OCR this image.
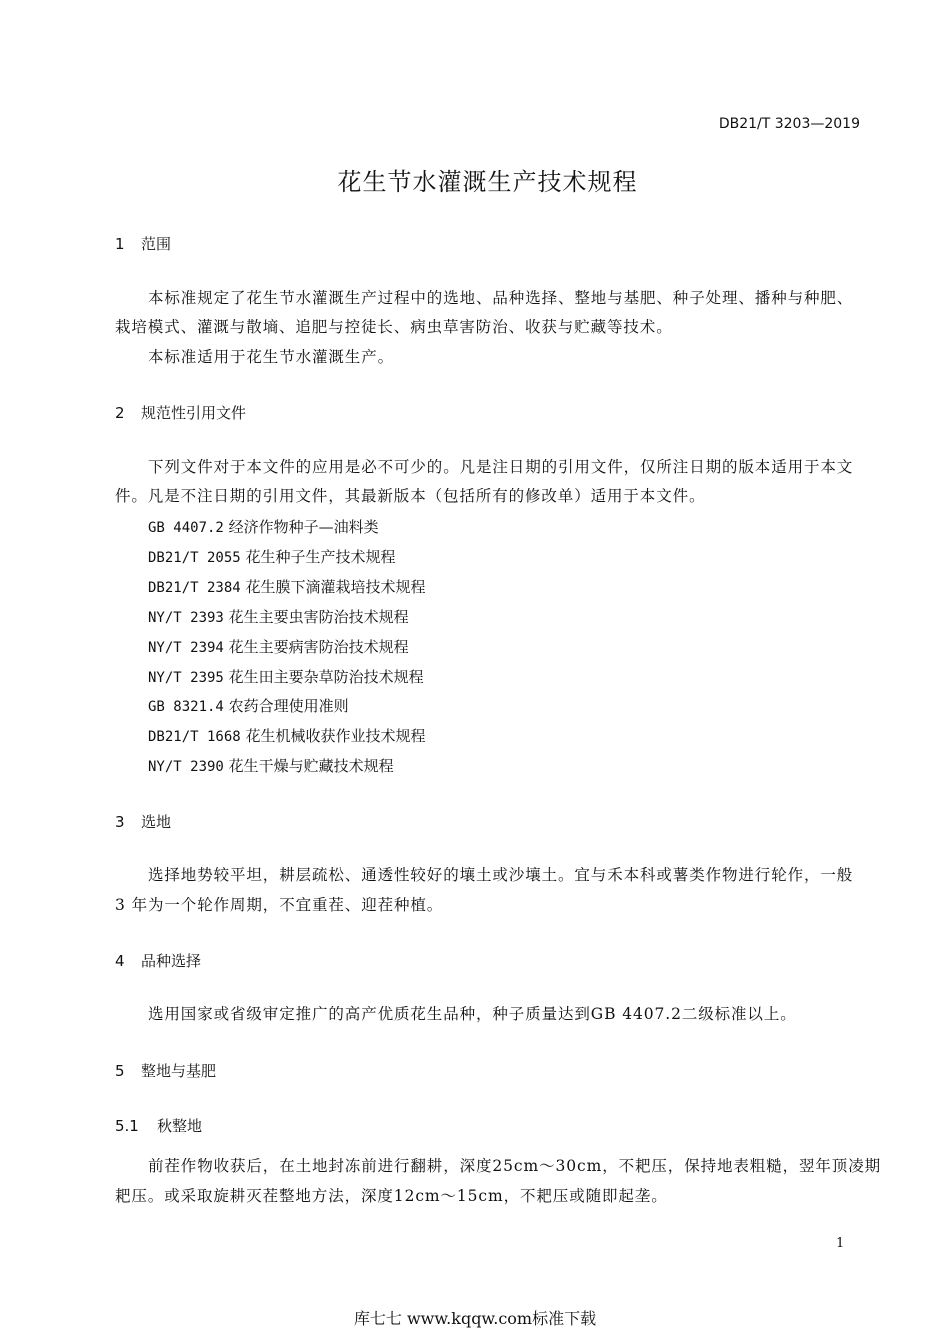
DB21/T 3203—2019
花生节水灌溉生产技术规程
1 范围
本标准规定了花生节水灌溉生产过程中的选地、品种选择、整地与基肥、种子处理、播种与种肥、
栽培模式、灌溉与散墒、追肥与控徒长、病虫草害防治、收获与贮藏等技术。
本标准适用于花生节水灌溉生产。
2 规范性引用文件
下列文件对于本文件的应用是必不可少的。凡是注日期的引用文件，仅所注日期的版本适用于本文
件。凡是不注日期的引用文件，其最新版本（包括所有的修改单）适用于本文件。
GB 4407.2 经济作物种子—油料类
DB21/T 2055 花生种子生产技术规程
DB21/T 2384 花生膜下滴灌栽培技术规程
NY/T 2393 花生主要虫害防治技术规程
NY/T 2394 花生主要病害防治技术规程
NY/T 2395 花生田主要杂草防治技术规程
GB 8321.4 农药合理使用准则
DB21/T 1668 花生机械收获作业技术规程
NY/T 2390 花生干燥与贮藏技术规程
3 选地
选择地势较平坦，耕层疏松、通透性较好的壤土或沙壤土。宜与禾本科或薯类作物进行轮作，一般
3 年为一个轮作周期，不宜重茬、迎茬种植。
4 品种选择
选用国家或省级审定推广的高产优质花生品种，种子质量达到GB 4407.2二级标准以上。
5 整地与基肥
5.1 秋整地
前茬作物收获后，在土地封冻前进行翻耕，深度25cm～30cm，不耙压，保持地表粗糙，翌年顶凌期
耙压。或采取旋耕灭茬整地方法，深度12cm～15cm，不耙压或随即起垄。
1
库七七 www.kqqw.com标准下载
